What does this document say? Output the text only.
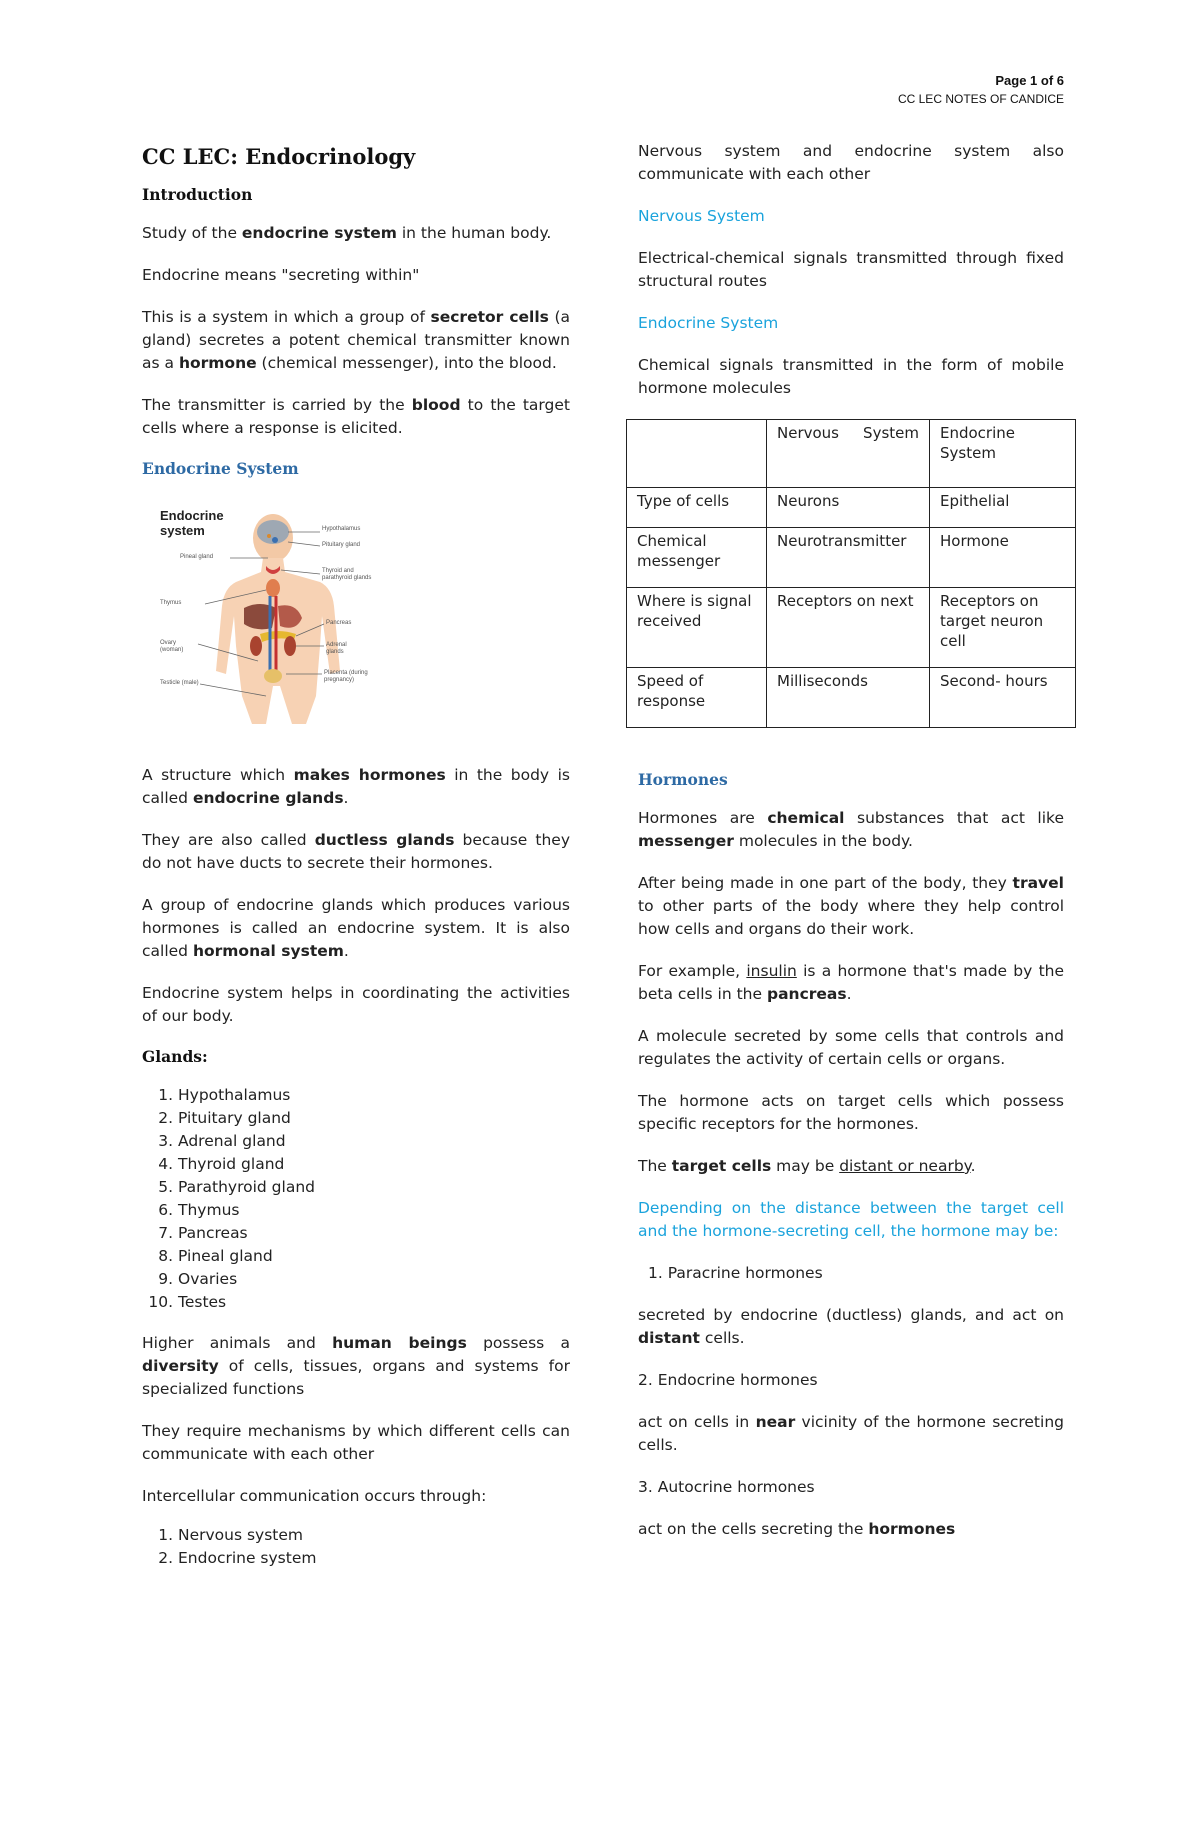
Page 1 of 6
CC LEC NOTES OF CANDICE
CC LEC: Endocrinology
Introduction

Study of the endocrine system in the human body.

Endocrine means "secreting within"

This is a system in which a group of secretor cells (a gland) secretes a potent chemical transmitter known as a hormone (chemical messenger), into the blood.

The transmitter is carried by the blood to the target cells where a response is elicited.

Endocrine System
Endocrine
system	Hypothalamus
Pituitary gland
Pineal gland
Thyroid and parathyroid glands
Thymus
Pancreas
Adrenal glands
Ovary (woman)
Placenta (during pregnancy)
Testicle (male)

A structure which makes hormones in the body is called endocrine glands.

They are also called ductless glands because they do not have ducts to secrete their hormones.

A group of endocrine glands which produces various hormones is called an endocrine system. It is also called hormonal system.

Endocrine system helps in coordinating the activities of our body.

Glands:
1. Hypothalamus
2. Pituitary gland
3. Adrenal gland
4. Thyroid gland
5. Parathyroid gland
6. Thymus
7. Pancreas
8. Pineal gland
9. Ovaries
10. Testes

Higher animals and human beings possess a diversity of cells, tissues, organs and systems for specialized functions

They require mechanisms by which different cells can communicate with each other

Intercellular communication occurs through:

1. Nervous system
2. Endocrine system

Nervous system and endocrine system also communicate with each other

Nervous System

Electrical-chemical signals transmitted through fixed structural routes

Endocrine System

Chemical signals transmitted in the form of mobile hormone molecules

	Nervous System	Endocrine System
Type of cells	Neurons	Epithelial
Chemical messenger	Neurotransmitter	Hormone
Where is signal received	Receptors on next	Receptors on target neuron cell
Speed of response	Milliseconds	Second- hours
Hormones

Hormones are chemical substances that act like messenger molecules in the body.

After being made in one part of the body, they travel to other parts of the body where they help control how cells and organs do their work.

For example, insulin is a hormone that's made by the beta cells in the pancreas.

A molecule secreted by some cells that controls and regulates the activity of certain cells or organs.

The hormone acts on target cells which possess specific receptors for the hormones.

The target cells may be distant or nearby.

Depending on the distance between the target cell and the hormone-secreting cell, the hormone may be:

1. Paracrine hormones

secreted by endocrine (ductless) glands, and act on distant cells.

2. Endocrine hormones

act on cells in near vicinity of the hormone secreting cells.

3. Autocrine hormones

act on the cells secreting the hormones
